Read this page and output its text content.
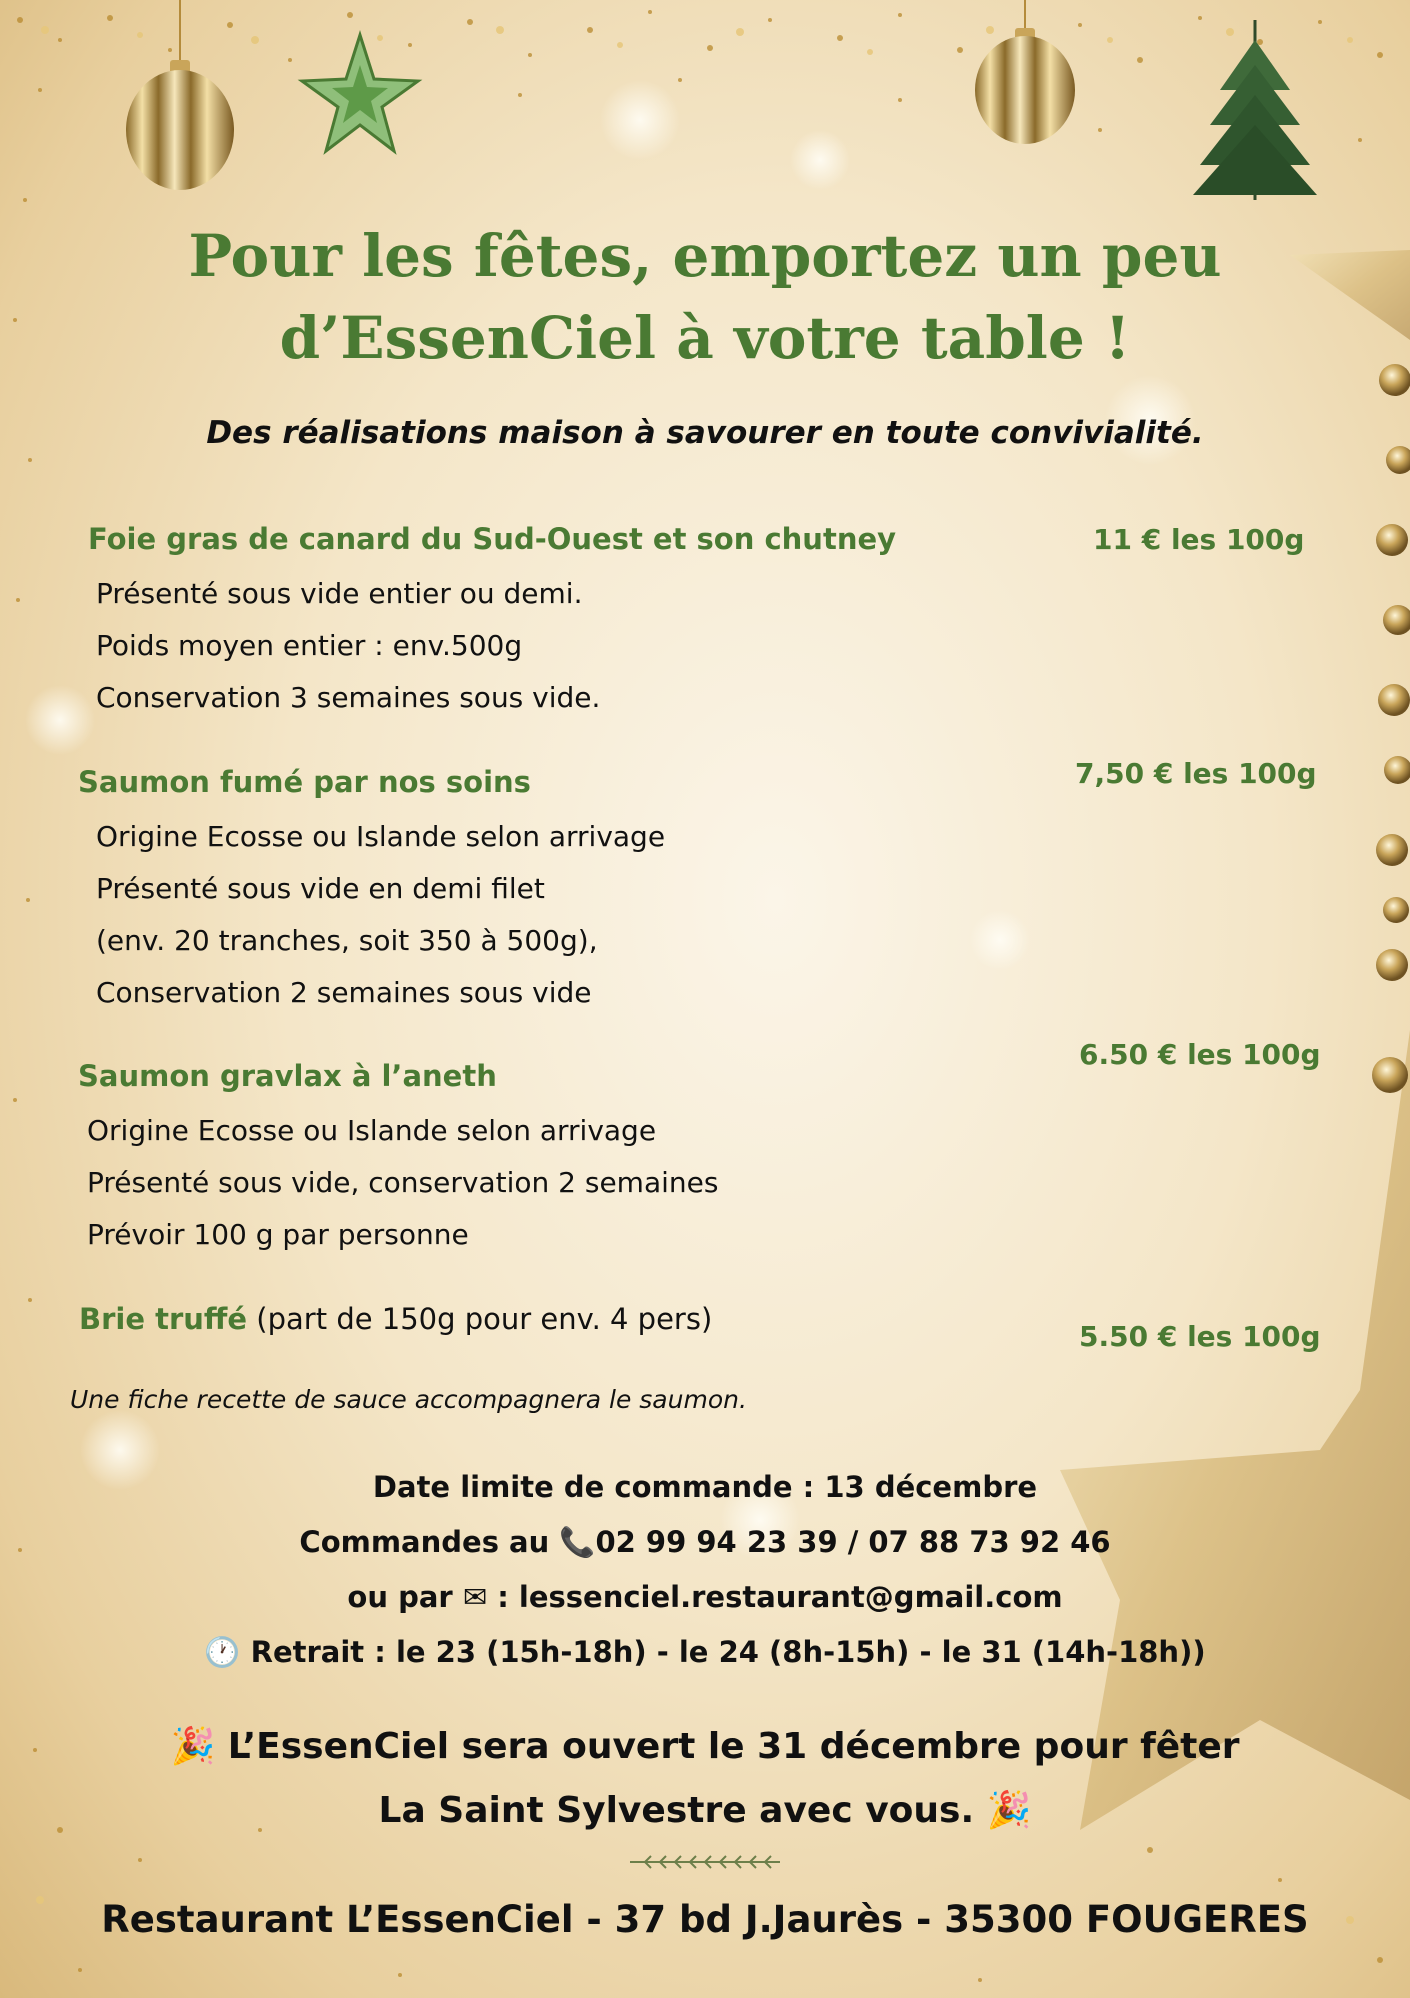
Pour les fêtes, emportez un peu
d’EssenCiel à votre table !
Des réalisations maison à savourer en toute convivialité.
Foie gras de canard du Sud-Ouest et son chutney	11 € les 100g
Présenté sous vide entier ou demi.
Poids moyen entier : env.500g
Conservation 3 semaines sous vide.
Saumon fumé par nos soins	7,50 € les 100g
Origine Ecosse ou Islande selon arrivage
Présenté sous vide en demi filet
(env. 20 tranches, soit 350 à 500g),
Conservation 2 semaines sous vide
Saumon gravlax à l’aneth
6.50 € les 100g
Origine Ecosse ou Islande selon arrivage
Présenté sous vide, conservation 2 semaines
Prévoir 100 g par personne
Brie truffé (part de 150g pour env. 4 pers)
5.50 € les 100g
Une fiche recette de sauce accompagnera le saumon.
Date limite de commande : 13 décembre
Commandes au 📞02 99 94 23 39 / 07 88 73 92 46
ou par ✉ : lessenciel.restaurant@gmail.com
🕐 Retrait : le 23 (15h-18h) - le 24 (8h-15h) - le 31 (14h-18h))
🎉 L’EssenCiel sera ouvert le 31 décembre pour fêter
La Saint Sylvestre avec vous. 🎉
Restaurant L’EssenCiel - 37 bd J.Jaurès - 35300 FOUGERES
